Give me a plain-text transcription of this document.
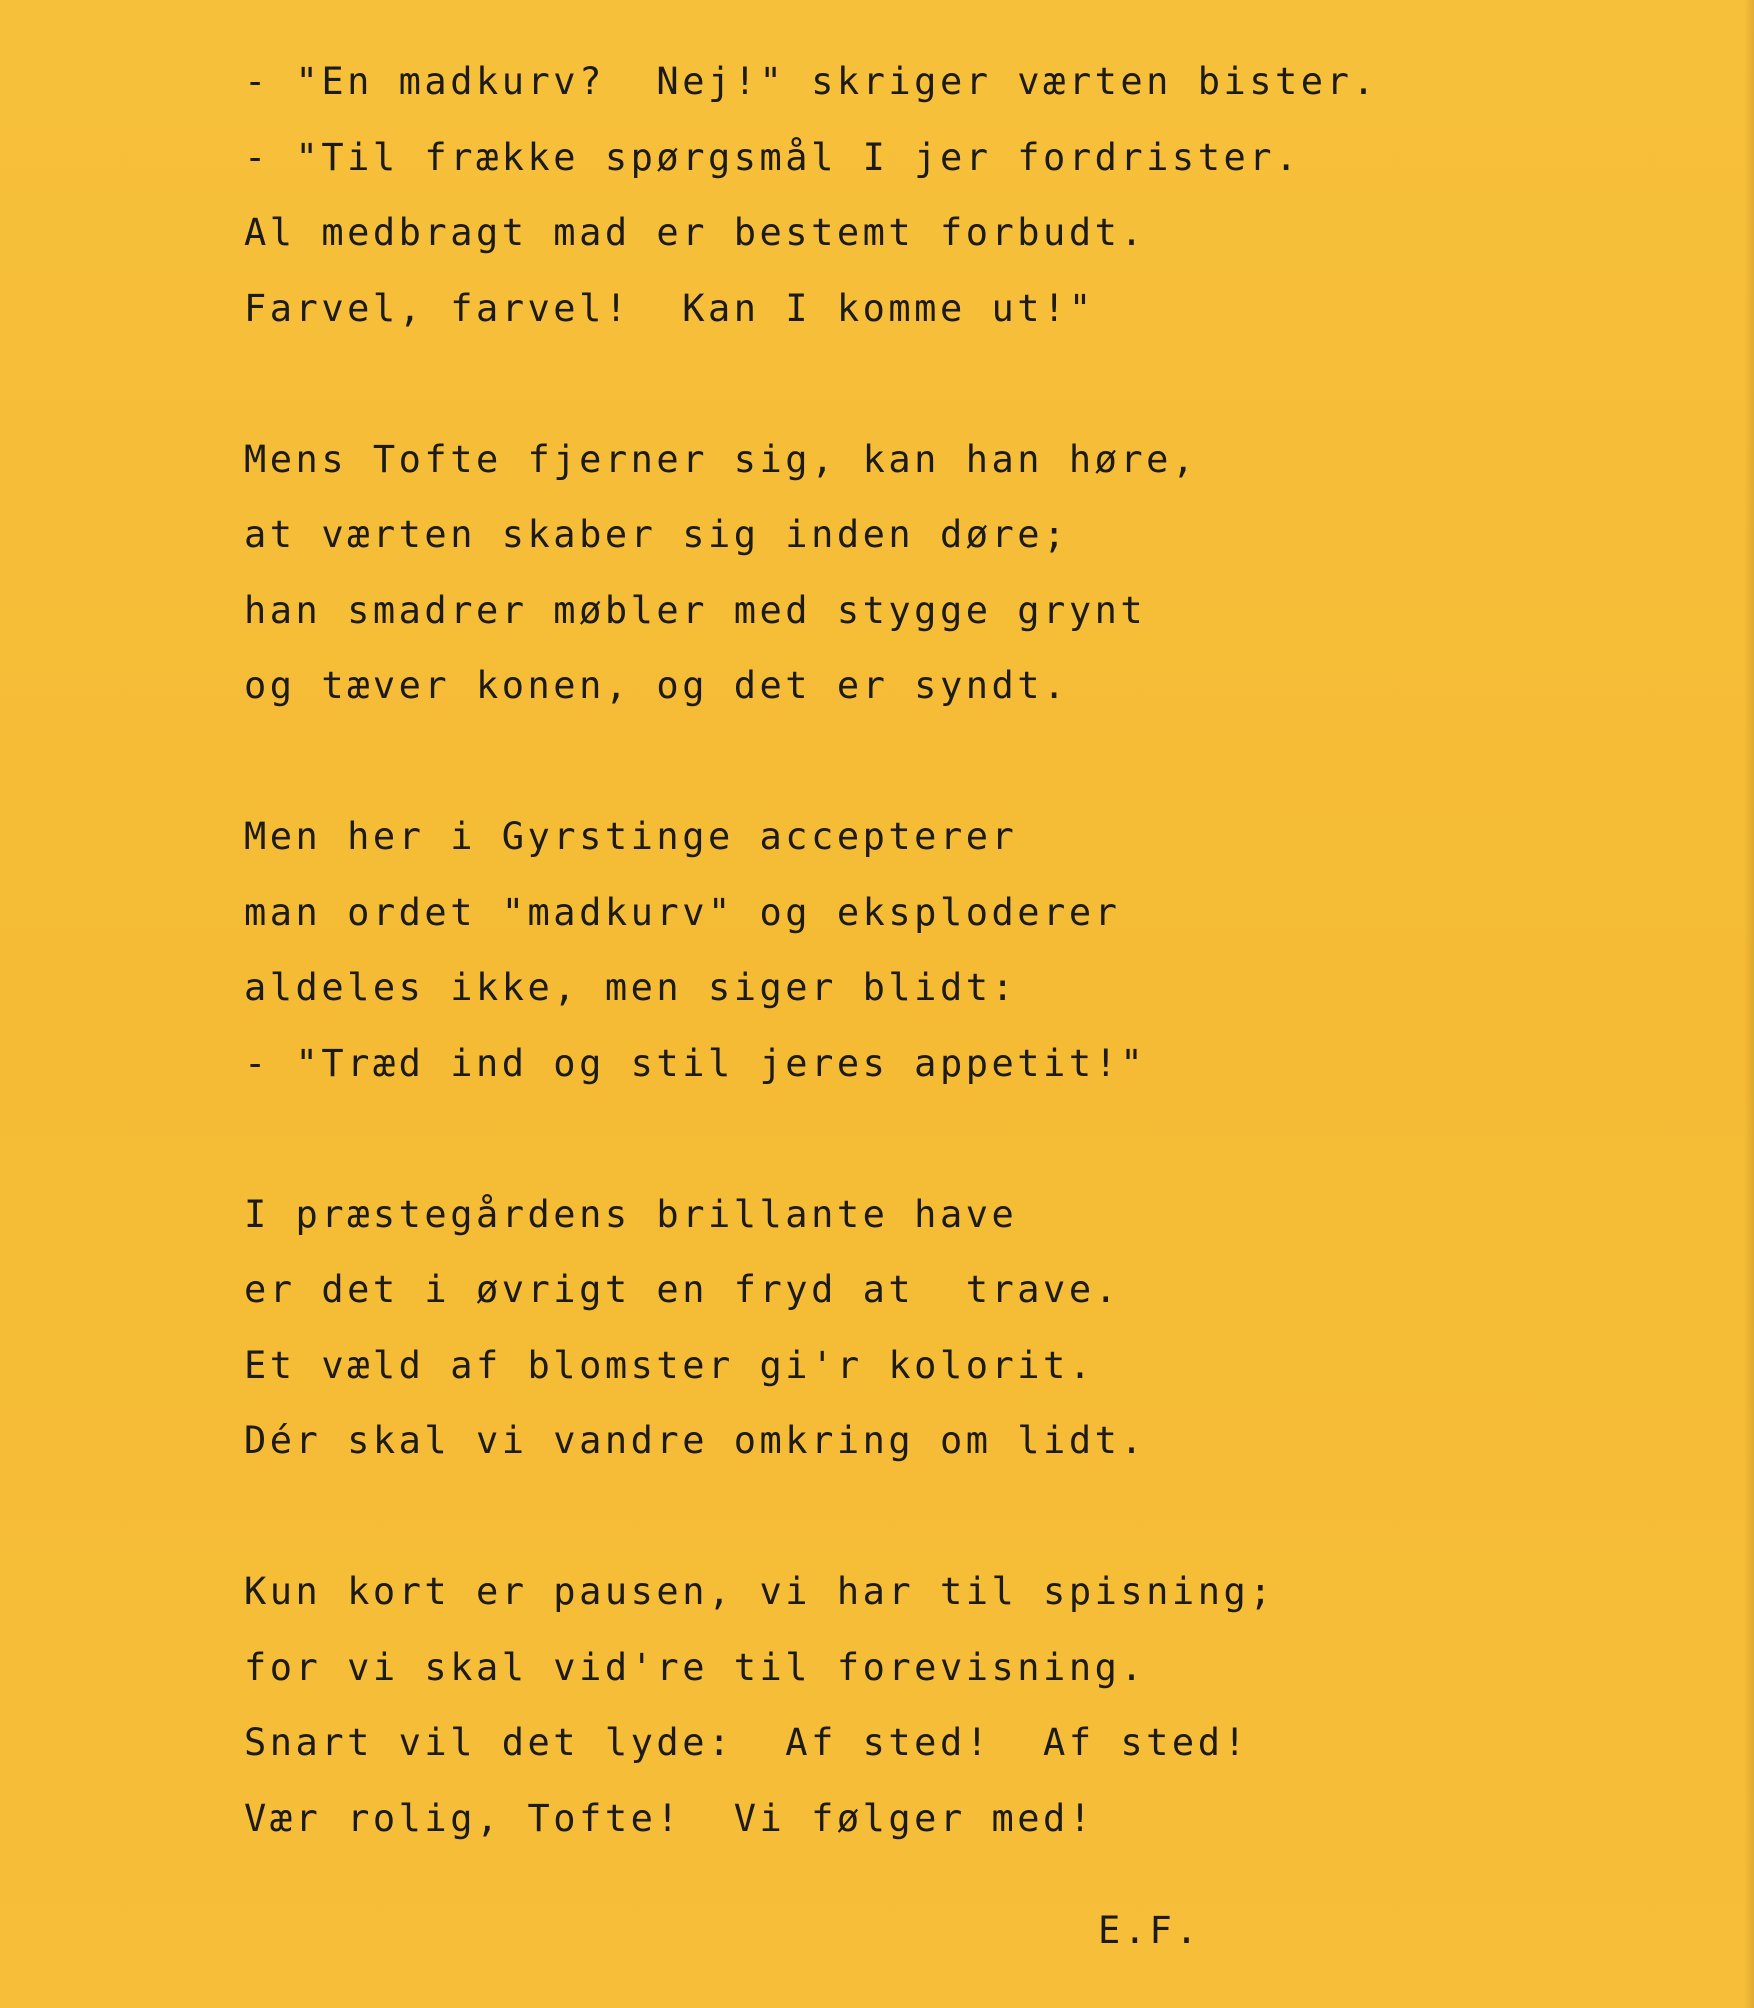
- "En madkurv?  Nej!" skriger værten bister.
- "Til frække spørgsmål I jer fordrister.
Al medbragt mad er bestemt forbudt.
Farvel, farvel!  Kan I komme ut!"
Mens Tofte fjerner sig, kan han høre,
at værten skaber sig inden døre;
han smadrer møbler med stygge grynt
og tæver konen, og det er syndt.
Men her i Gyrstinge accepterer
man ordet "madkurv" og eksploderer
aldeles ikke, men siger blidt:
- "Træd ind og stil jeres appetit!"
I præstegårdens brillante have
er det i øvrigt en fryd at  trave.
Et væld af blomster gi'r kolorit.
Dér skal vi vandre omkring om lidt.
Kun kort er pausen, vi har til spisning;
for vi skal vid're til forevisning.
Snart vil det lyde:  Af sted!  Af sted!
Vær rolig, Tofte!  Vi følger med!
E.F.
